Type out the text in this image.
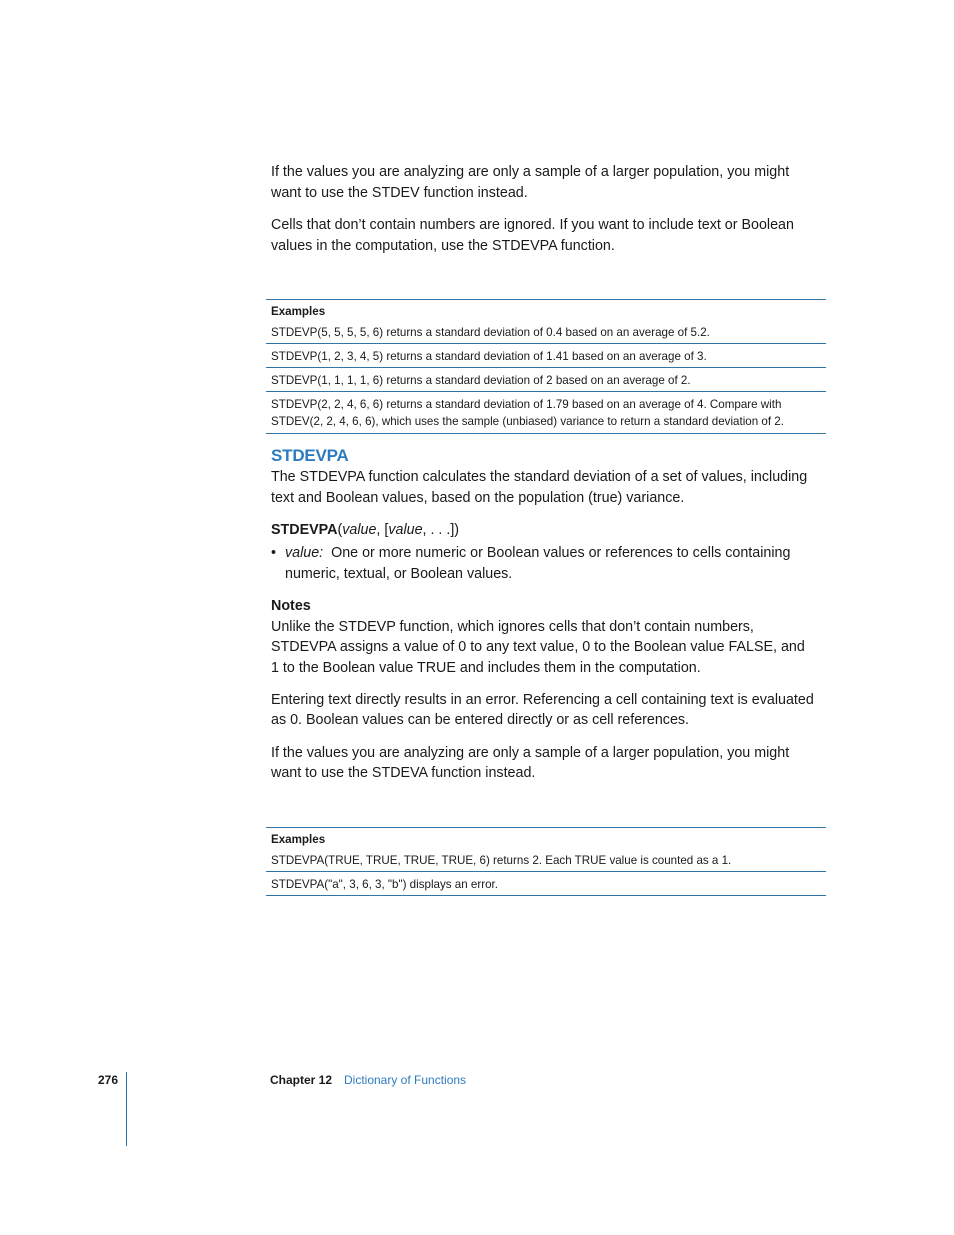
If the values you are analyzing are only a sample of a larger population, you might want to use the STDEV function instead.

Cells that don’t contain numbers are ignored. If you want to include text or Boolean values in the computation, use the STDEVPA function.

Examples
STDEVP(5, 5, 5, 5, 6) returns a standard deviation of 0.4 based on an average of 5.2.
STDEVP(1, 2, 3, 4, 5) returns a standard deviation of 1.41 based on an average of 3.
STDEVP(1, 1, 1, 1, 6) returns a standard deviation of 2 based on an average of 2.
STDEVP(2, 2, 4, 6, 6) returns a standard deviation of 1.79 based on an average of 4. Compare with STDEV(2, 2, 4, 6, 6), which uses the sample (unbiased) variance to return a standard deviation of 2.
STDEVPA

The STDEVPA function calculates the standard deviation of a set of values, including text and Boolean values, based on the population (true) variance.

STDEVPA(value, [value, . . .])

• value: One or more numeric or Boolean values or references to cells containing numeric, textual, or Boolean values.

Notes

Unlike the STDEVP function, which ignores cells that don’t contain numbers, STDEVPA assigns a value of 0 to any text value, 0 to the Boolean value FALSE, and 1 to the Boolean value TRUE and includes them in the computation.

Entering text directly results in an error. Referencing a cell containing text is evaluated as 0. Boolean values can be entered directly or as cell references.

If the values you are analyzing are only a sample of a larger population, you might want to use the STDEVA function instead.

Examples
STDEVPA(TRUE, TRUE, TRUE, TRUE, 6) returns 2. Each TRUE value is counted as a 1.
STDEVPA("a", 3, 6, 3, "b") displays an error.
276	Chapter 12 Dictionary of Functions
